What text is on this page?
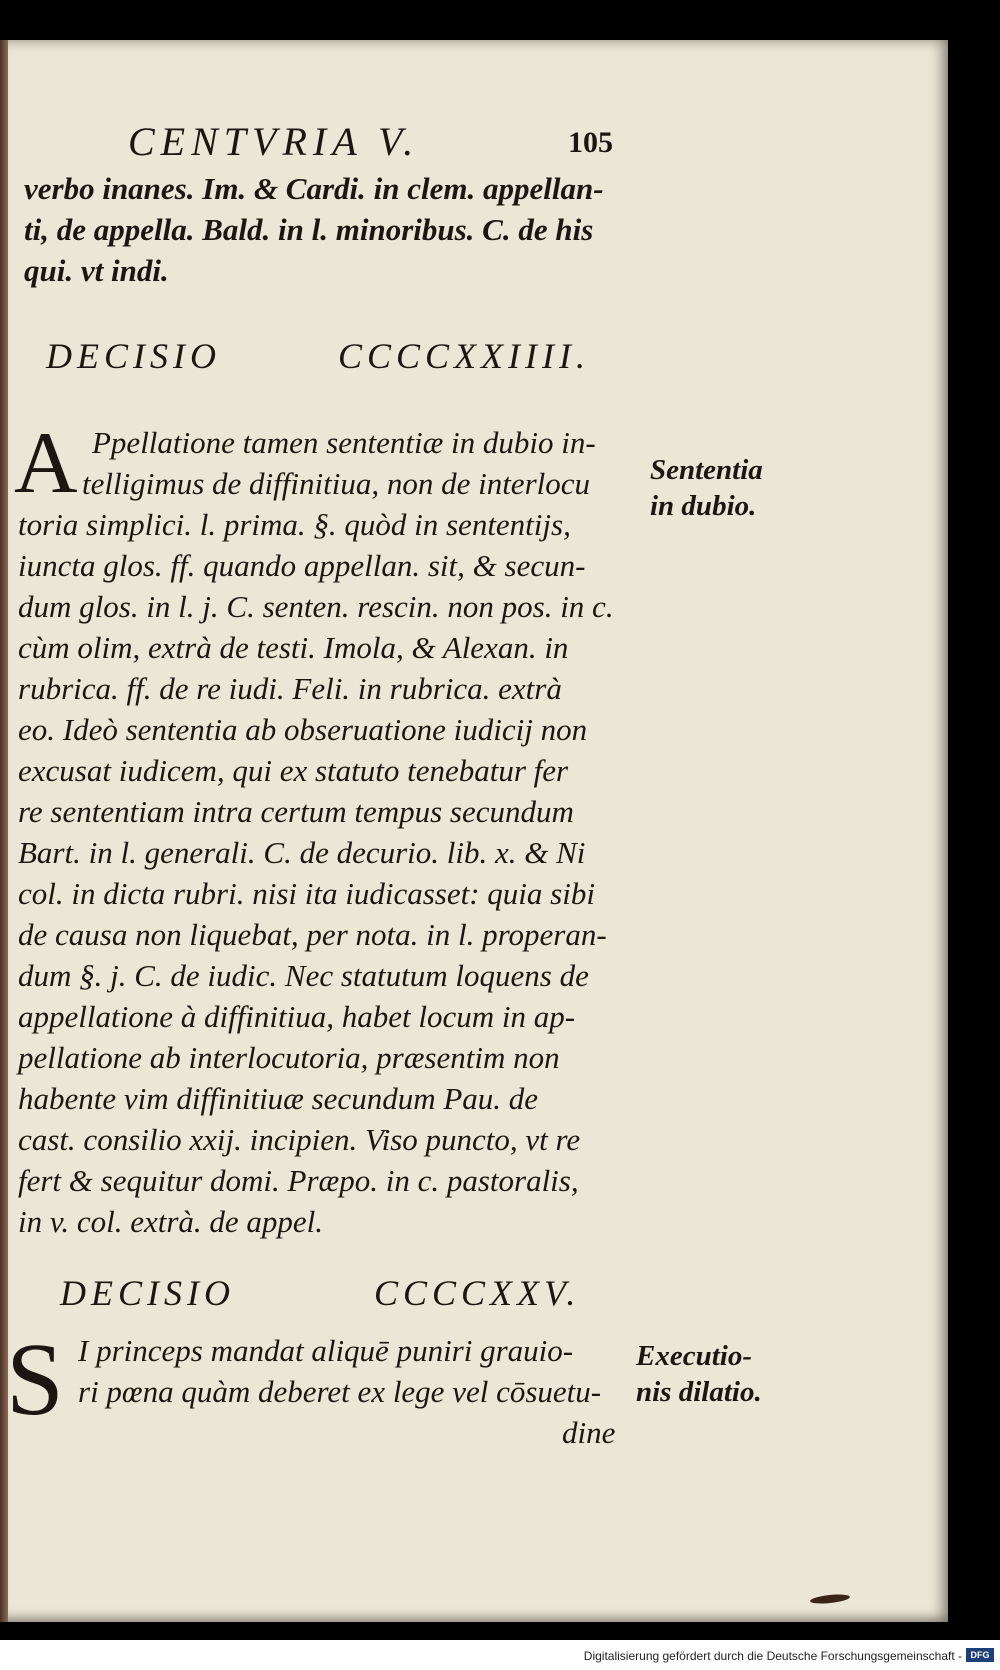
CENTVRIA V.	105
verbo inanes. Im. & Cardi. in clem. appellan-
ti, de appella. Bald. in l. minoribus. C. de his
qui. vt indi.
DECISIO	CCCCXXIIII.
A Ppellatione tamen sententiæ in dubio in-
telligimus de diffinitiua, non de interlocu
toria simplici. l. prima. §. quòd in sententijs,
iuncta glos. ff. quando appellan. sit, & secun-
dum glos. in l. j. C. senten. rescin. non pos. in c.
cùm olim, extrà de testi. Imola, & Alexan. in
rubrica. ff. de re iudi. Feli. in rubrica. extrà
eo. Ideò sententia ab obseruatione iudicij non
excusat iudicem, qui ex statuto tenebatur fer
re sententiam intra certum tempus secundum
Bart. in l. generali. C. de decurio. lib. x. & Ni
col. in dicta rubri. nisi ita iudicasset: quia sibi
de causa non liquebat, per nota. in l. properan-
dum §. j. C. de iudic. Nec statutum loquens de
appellatione à diffinitiua, habet locum in ap-
pellatione ab interlocutoria, præsentim non
habente vim diffinitiuæ secundum Pau. de
cast. consilio xxij. incipien. Viso puncto, vt re
fert & sequitur domi. Præpo. in c. pastoralis,
in v. col. extrà. de appel.
Sententia
in dubio.
DECISIO	CCCCXXV.
S I princeps mandat aliquē puniri grauio-
ri pœna quàm deberet ex lege vel cōsuetu-
dine
Executio-
nis dilatio.
Digitalisierung gefördert durch die Deutsche Forschungsgemeinschaft - DFG
